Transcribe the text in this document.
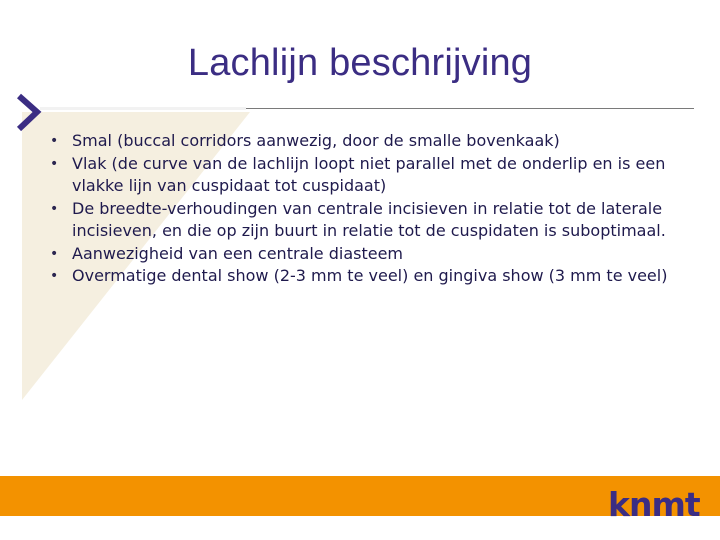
Lachlijn beschrijving
• Smal (buccal corridors aanwezig, door de smalle bovenkaak)
• Vlak (de curve van de lachlijn loopt niet parallel met de onderlip en is een vlakke lijn van cuspidaat tot cuspidaat)
• De breedte-verhoudingen van centrale incisieven in relatie tot de laterale incisieven, en die op zijn buurt in relatie tot de cuspidaten is suboptimaal.
• Aanwezigheid van een centrale diasteem
• Overmatige dental show (2-3 mm te veel) en gingiva show (3 mm te veel)
knmt
